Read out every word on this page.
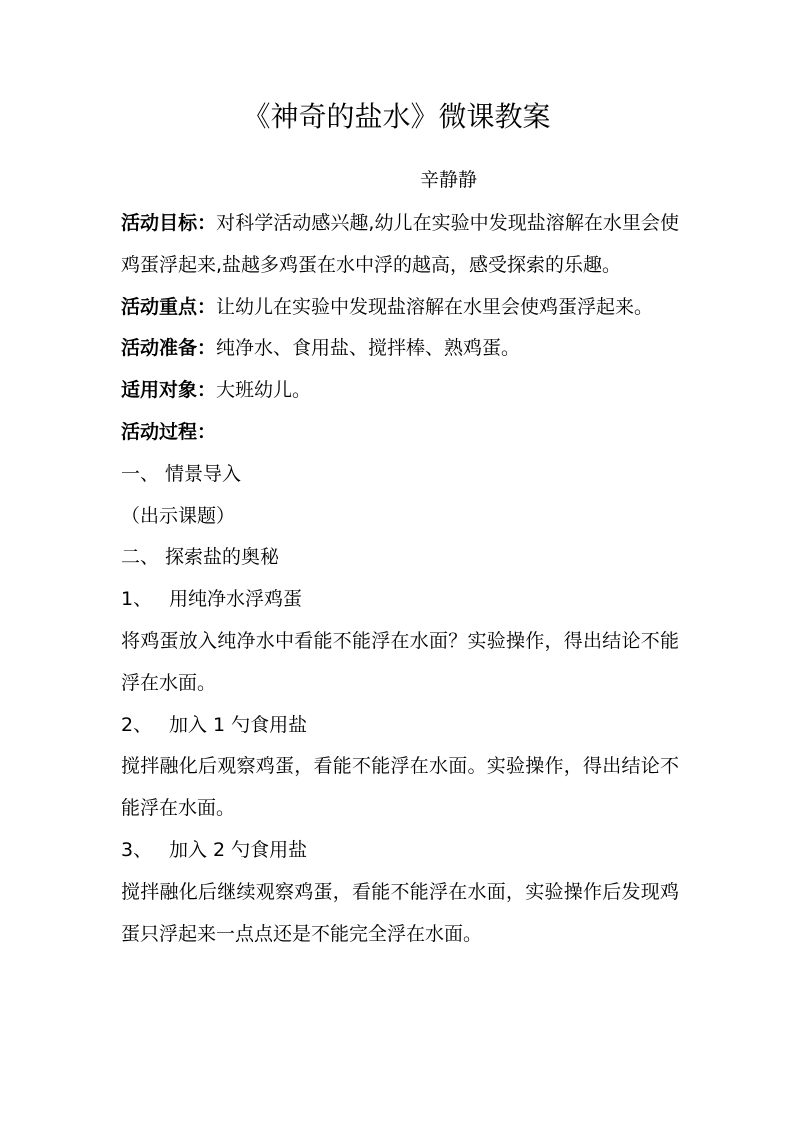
《神奇的盐水》微课教案
辛静静

活动目标：对科学活动感兴趣,幼儿在实验中发现盐溶解在水里会使鸡蛋浮起来,盐越多鸡蛋在水中浮的越高，感受探索的乐趣。

活动重点：让幼儿在实验中发现盐溶解在水里会使鸡蛋浮起来。

活动准备：纯净水、食用盐、搅拌棒、熟鸡蛋。

适用对象：大班幼儿。

活动过程：

一、 情景导入

（出示课题）

二、 探索盐的奥秘

1、 用纯净水浮鸡蛋

将鸡蛋放入纯净水中看能不能浮在水面？实验操作，得出结论不能浮在水面。

2、 加入 1 勺食用盐

搅拌融化后观察鸡蛋，看能不能浮在水面。实验操作，得出结论不能浮在水面。

3、 加入 2 勺食用盐

搅拌融化后继续观察鸡蛋，看能不能浮在水面，实验操作后发现鸡蛋只浮起来一点点还是不能完全浮在水面。
